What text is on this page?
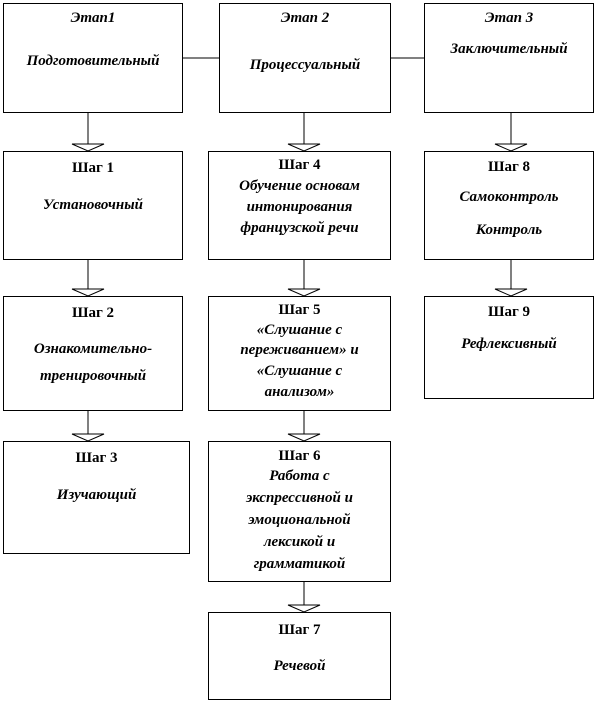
Этап1
Подготовительный
Этап 2
Процессуальный
Этап 3
Заключительный
Шаг 1
Установочный
Шаг 2
Ознакомительно-
тренировочный
Шаг 3
Изучающий
Шаг 4
Обучение основам
интонирования
французской речи
Шаг 5
«Слушание с
переживанием» и
«Слушание с
анализом»
Шаг 6
Работа с
экспрессивной и
эмоциональной
лексикой и
грамматикой
Шаг 7
Речевой
Шаг 8
Самоконтроль
Контроль
Шаг 9
Рефлексивный
